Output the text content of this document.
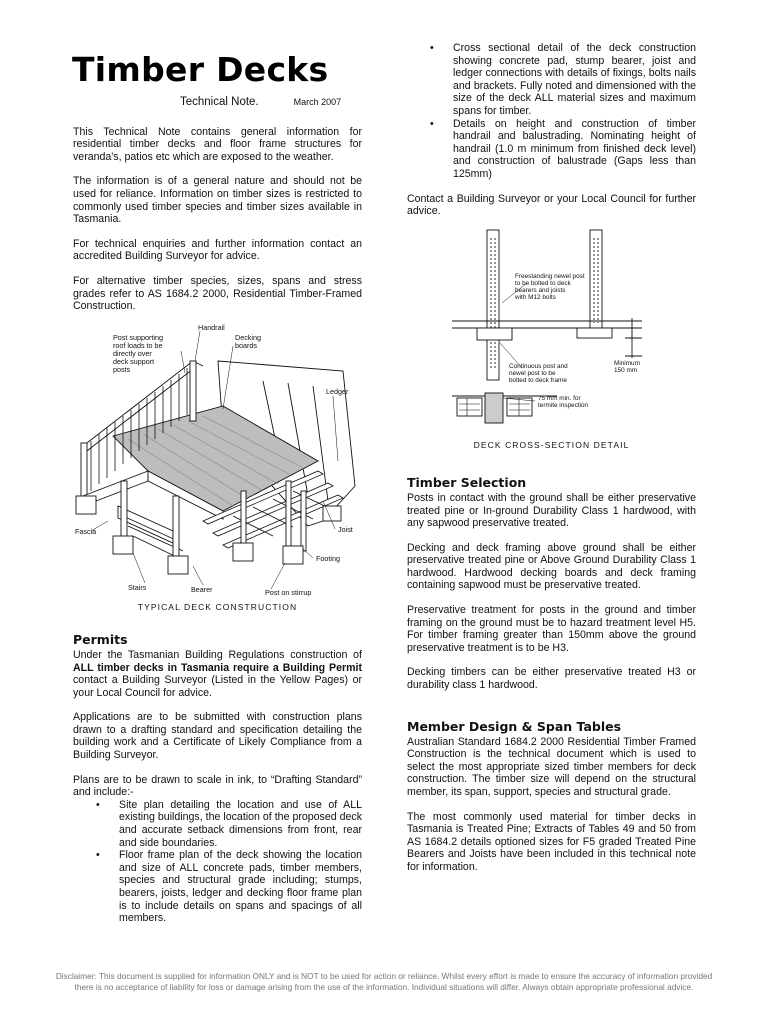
Timber Decks
Technical Note.	March 2007

This Technical Note contains general information for residential timber decks and floor frame structures for veranda's, patios etc which are exposed to the weather.

The information is of a general nature and should not be used for reliance. Information on timber sizes is restricted to commonly used timber species and timber sizes available in Tasmania.

For technical enquiries and further information contact an accredited Building Surveyor for advice.

For alternative timber species, sizes, spans and stress grades refer to AS 1684.2 2000, Residential Timber-Framed Construction.

Handrail
Post supporting
roof loads to be
directly over
deck support
posts
Decking
boards
Ledger
Fascia	Joist
Footing
Stairs	Bearer	Post on stirrup
TYPICAL DECK CONSTRUCTION
Permits

Under the Tasmanian Building Regulations construction of ALL timber decks in Tasmania require a Building Permit contact a Building Surveyor (Listed in the Yellow Pages) or your Local Council for advice.

Applications are to be submitted with construction plans drawn to a drafting standard and specification detailing the building work and a Certificate of Likely Compliance from a Building Surveyor.

Plans are to be drawn to scale in ink, to “Drafting Standard” and include:-

• Site plan detailing the location and use of ALL existing buildings, the location of the proposed deck and accurate setback dimensions from front, rear and side boundaries.
• Floor frame plan of the deck showing the location and size of ALL concrete pads, timber members, species and structural grade including; stumps, bearers, joists, ledger and decking floor frame plan is to include details on spans and spacings of all members.
• Cross sectional detail of the deck construction showing concrete pad, stump bearer, joist and ledger connections with details of fixings, bolts nails and brackets. Fully noted and dimensioned with the size of the deck ALL material sizes and maximum spans for timber.
• Details on height and construction of timber handrail and balustrading. Nominating height of handrail (1.0 m minimum from finished deck level) and construction of balustrade (Gaps less than 125mm)

Contact a Building Surveyor or your Local Council for further advice.

Freestanding newel post
to be bolted to deck
bearers and joists
with M12 bolts
Continuous post and
newel post to be
bolted to deck frame
Minimum
150 mm
75 mm min. for
termite inspection
DECK CROSS-SECTION DETAIL
Timber Selection

Posts in contact with the ground shall be either preservative treated pine or In-ground Durability Class 1 hardwood, with any sapwood preservative treated.

Decking and deck framing above ground shall be either preservative treated pine or Above Ground Durability Class 1 hardwood. Hardwood decking boards and deck framing containing sapwood must be preservative treated.

Preservative treatment for posts in the ground and timber framing on the ground must be to hazard treatment level H5. For timber framing greater than 150mm above the ground preservative treatment is to be H3.

Decking timbers can be either preservative treated H3 or durability class 1 hardwood.

Member Design & Span Tables

Australian Standard 1684.2 2000 Residential Timber Framed Construction is the technical document which is used to select the most appropriate sized timber members for deck construction. The timber size will depend on the structural member, its span, support, species and structural grade.

The most commonly used material for timber decks in Tasmania is Treated Pine; Extracts of Tables 49 and 50 from AS 1684.2 details optioned sizes for F5 graded Treated Pine Bearers and Joists have been included in this technical note for information.

Disclaimer: This document is supplied for information ONLY and is NOT to be used for action or reliance. Whilst every effort is made to ensure the accuracy of information provided
there is no acceptance of liability for loss or damage arising from the use of the information. Individual situations will differ. Always obtain appropriate professional advice.
